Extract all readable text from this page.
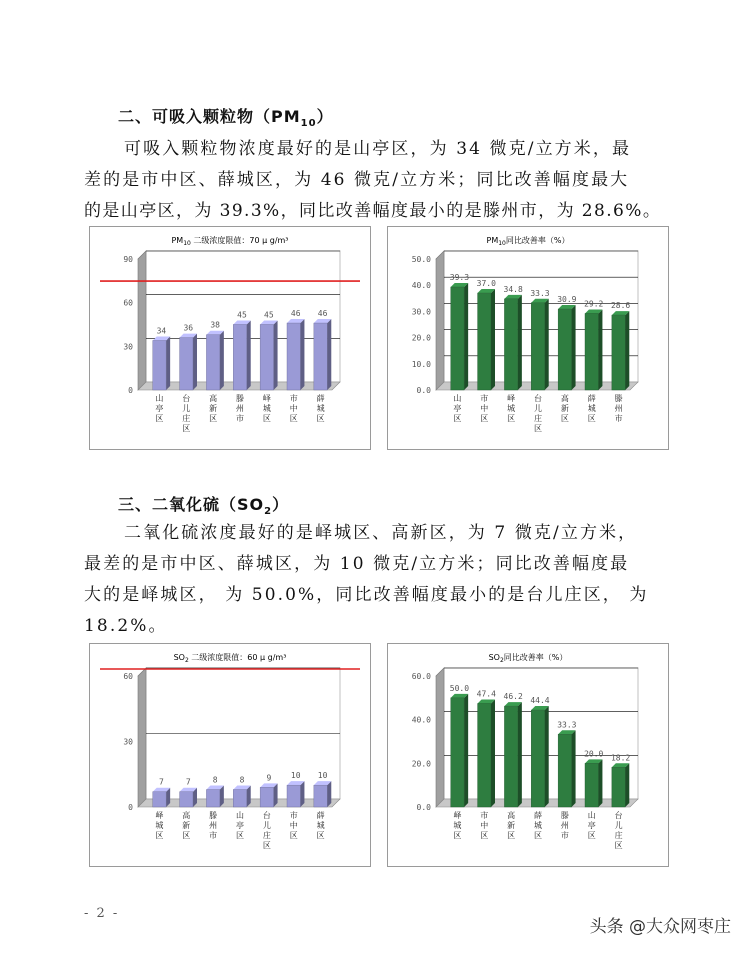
二、可吸入颗粒物$(PM_{10})$
可吸入颗粒物浓度最好的是山亭区，为 34 微克/立方米，最
差的是市中区、薛城区，为 46 微克/立方米；同比改善幅度最大
的是山亭区，为 39.3%，同比改善幅度最小的是滕州市，为 28.6%。
$PM_{10}$ 二级浓度限值：70 μ g/m³
0
30
60
90
34
山亭区
36
台儿庄区
38
高新区
45
滕州市
45
峄城区
46
市中区
46
薛城区
$PM_{10}$同比改善率（%）
0.0
10.0
20.0
30.0
40.0
50.0
39.3
山亭区
37.0
市中区
34.8
峄城区
33.3
台儿庄区
30.9
高新区
29.2
薛城区
28.6
滕州市
三、二氧化硫$(SO_2)$
二氧化硫浓度最好的是峄城区、高新区，为 7 微克/立方米，
最差的是市中区、薛城区，为 10 微克/立方米；同比改善幅度最
大的是峄城区， 为 50.0%，同比改善幅度最小的是台儿庄区， 为
18.2%。
$SO_2$ 二级浓度限值：60 μ g/m³
0
30
60
7
峄城区
7
高新区
8
滕州市
8
山亭区
9
台儿庄区
10
市中区
10
薛城区
$SO_2$同比改善率（%）
0.0
20.0
40.0
60.0
50.0
峄城区
47.4
市中区
46.2
高新区
44.4
薛城区
33.3
滕州市
20.0
山亭区
18.2
台儿庄区
- 2 -
头条 @大众网枣庄
